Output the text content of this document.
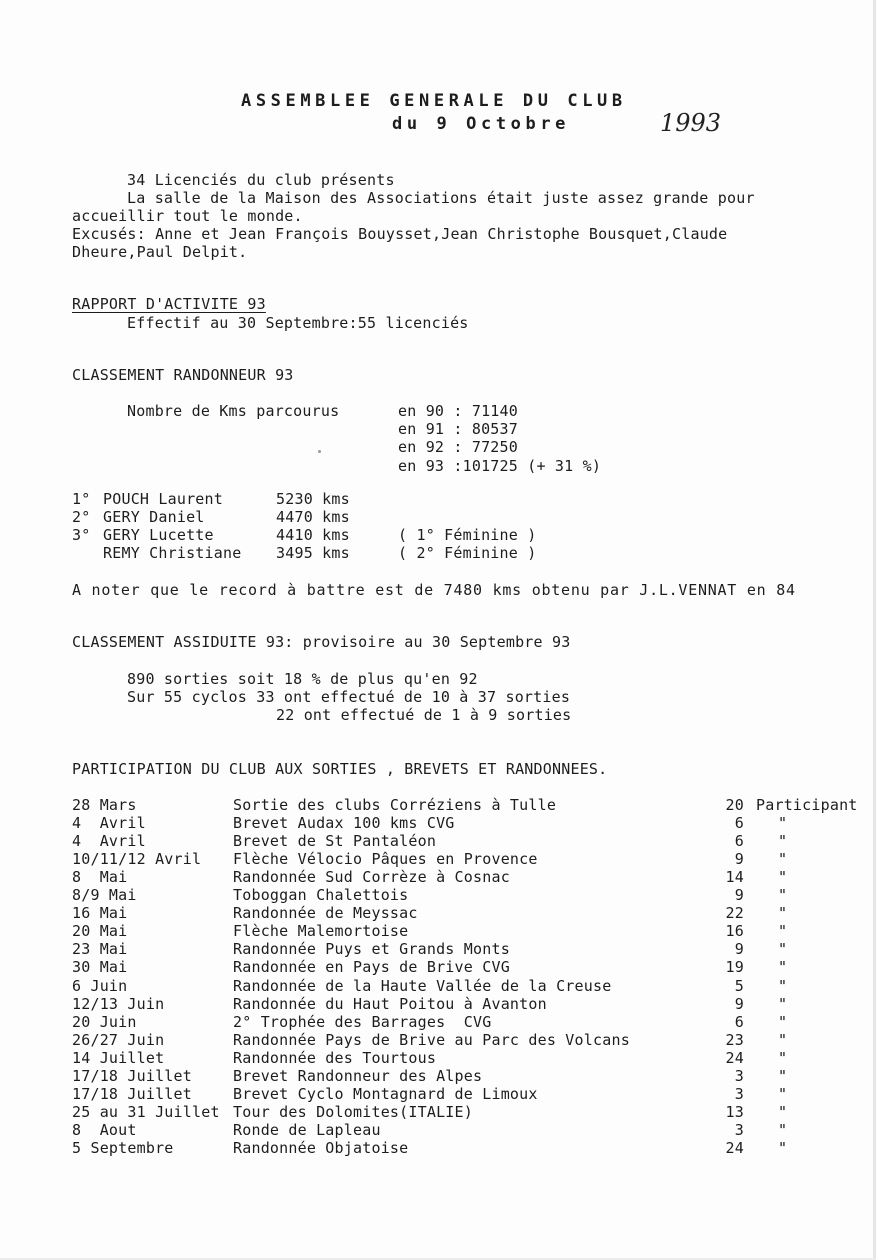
ASSEMBLEE GENERALE DU CLUB
du 9 Octobre	1993
34 Licenciés du club présents
La salle de la Maison des Associations était juste assez grande pour
accueillir tout le monde.
Excusés: Anne et Jean François Bouysset,Jean Christophe Bousquet,Claude
Dheure,Paul Delpit.
RAPPORT D'ACTIVITE 93
Effectif au 30 Septembre:55 licenciés
CLASSEMENT RANDONNEUR 93
Nombre de Kms parcourus	en 90 : 71140
en 91 : 80537
en 92 : 77250
en 93 :101725 (+ 31 %)
1° POUCH Laurent	5230 kms
2° GERY Daniel	4470 kms
3° GERY Lucette	4410 kms	( 1° Féminine )
REMY Christiane 3495 kms	( 2° Féminine )
A noter que le record à battre est de 7480 kms obtenu par J.L.VENNAT en 84
CLASSEMENT ASSIDUITE 93: provisoire au 30 Septembre 93
890 sorties soit 18 % de plus qu'en 92
Sur 55 cyclos 33 ont effectué de 10 à 37 sorties
22 ont effectué de 1 à 9 sorties
PARTICIPATION DU CLUB AUX SORTIES , BREVETS ET RANDONNEES.
28 Mars	Sortie des clubs Corréziens à Tulle	20 Participant
4  Avril	Brevet Audax 100 kms CVG	6 "
4  Avril	Brevet de St Pantaléon	6 "
10/11/12 Avril Flèche Vélocio Pâques en Provence	9 "
8  Mai	Randonnée Sud Corrèze à Cosnac	14 "
8/9 Mai	Toboggan Chalettois	9 "
16 Mai	Randonnée de Meyssac	22 "
20 Mai	Flèche Malemortoise	16 "
23 Mai	Randonnée Puys et Grands Monts	9 "
30 Mai	Randonnée en Pays de Brive CVG	19 "
6 Juin	Randonnée de la Haute Vallée de la Creuse	5 "
12/13 Juin	Randonnée du Haut Poitou à Avanton	9 "
20 Juin	2° Trophée des Barrages  CVG	6 "
26/27 Juin	Randonnée Pays de Brive au Parc des Volcans	23 "
14 Juillet	Randonnée des Tourtous	24 "
17/18 Juillet	Brevet Randonneur des Alpes	3 "
17/18 Juillet	Brevet Cyclo Montagnard de Limoux	3 "
25 au 31 Juillet Tour des Dolomites(ITALIE)	13 "
8  Aout	Ronde de Lapleau	3 "
5 Septembre	Randonnée Objatoise	24 "
